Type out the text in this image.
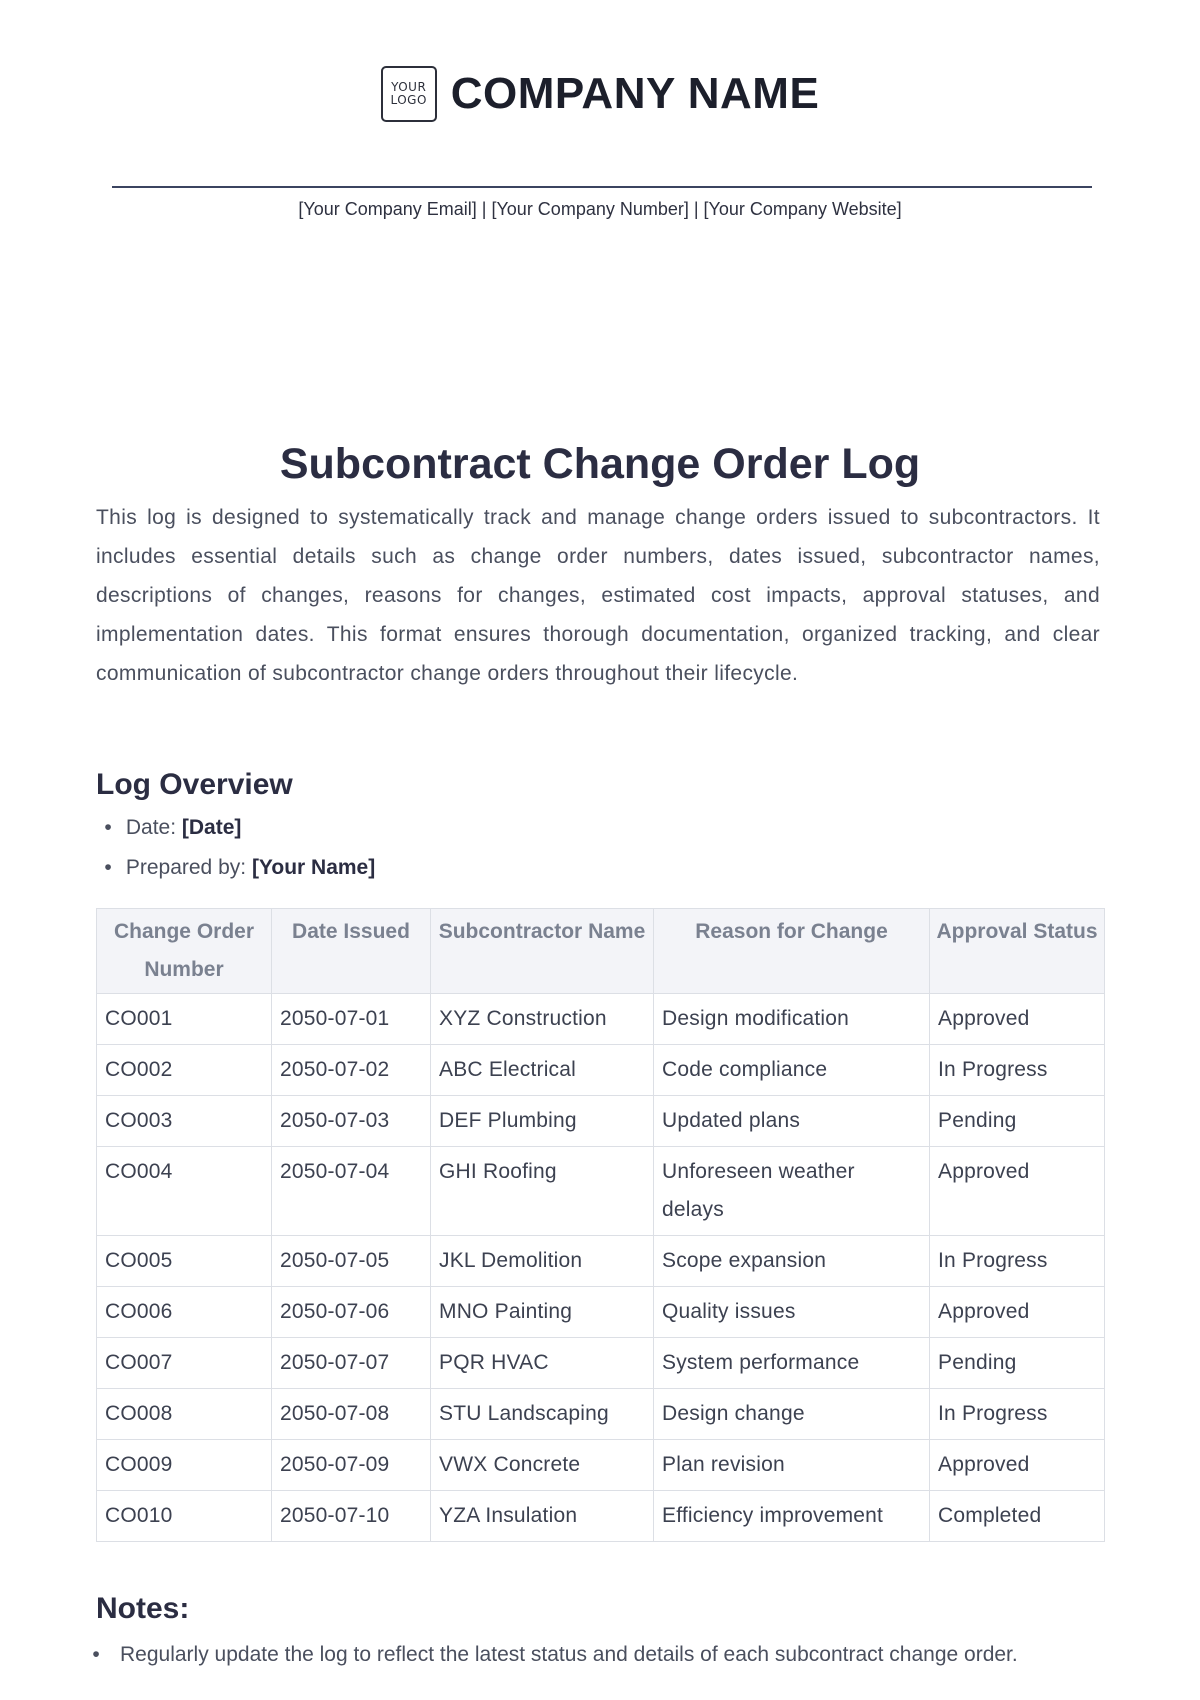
YOUR
LOGO COMPANY NAME
[Your Company Email] | [Your Company Number] | [Your Company Website]
Subcontract Change Order Log

This log is designed to systematically track and manage change orders issued to subcontractors. It includes essential details such as change order numbers, dates issued, subcontractor names, descriptions of changes, reasons for changes, estimated cost impacts, approval statuses, and implementation dates. This format ensures thorough documentation, organized tracking, and clear communication of subcontractor change orders throughout their lifecycle.

Log Overview
• Date: [Date]
• Prepared by: [Your Name]
Change Order Number	Date Issued	Subcontractor Name	Reason for Change	Approval Status
CO001	2050-07-01	XYZ Construction	Design modification	Approved
CO002	2050-07-02	ABC Electrical	Code compliance	In Progress
CO003	2050-07-03	DEF Plumbing	Updated plans	Pending
CO004	2050-07-04	GHI Roofing	Unforeseen weather delays	Approved
CO005	2050-07-05	JKL Demolition	Scope expansion	In Progress
CO006	2050-07-06	MNO Painting	Quality issues	Approved
CO007	2050-07-07	PQR HVAC	System performance	Pending
CO008	2050-07-08	STU Landscaping	Design change	In Progress
CO009	2050-07-09	VWX Concrete	Plan revision	Approved
CO010	2050-07-10	YZA Insulation	Efficiency improvement	Completed
Notes:
• Regularly update the log to reflect the latest status and details of each subcontract change order.
